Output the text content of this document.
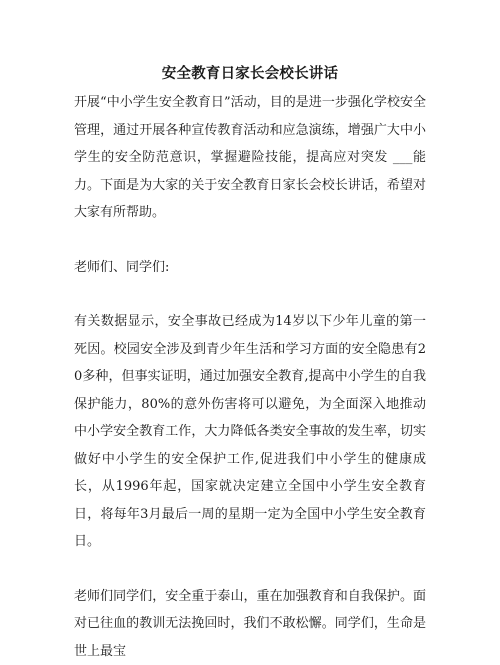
安全教育日家长会校长讲话

开展“中小学生安全教育日”活动，目的是进一步强化学校安全管理，通过开展各种宣传教育活动和应急演练，增强广大中小学生的安全防范意识，掌握避险技能，提高应对突发 ___能力。下面是为大家的关于安全教育日家长会校长讲话，希望对大家有所帮助。

老师们、同学们:

有关数据显示，安全事故已经成为14岁以下少年儿童的第一死因。校园安全涉及到青少年生活和学习方面的安全隐患有20多种，但事实证明，通过加强安全教育,提高中小学生的自我保护能力，80%的意外伤害将可以避免，为全面深入地推动中小学安全教育工作，大力降低各类安全事故的发生率，切实做好中小学生的安全保护工作,促进我们中小学生的健康成长，从1996年起，国家就决定建立全国中小学生安全教育日，将每年3月最后一周的星期一定为全国中小学生安全教育日。

老师们同学们，安全重于泰山，重在加强教育和自我保护。面对已往血的教训无法挽回时，我们不敢松懈。同学们，生命是世上最宝
